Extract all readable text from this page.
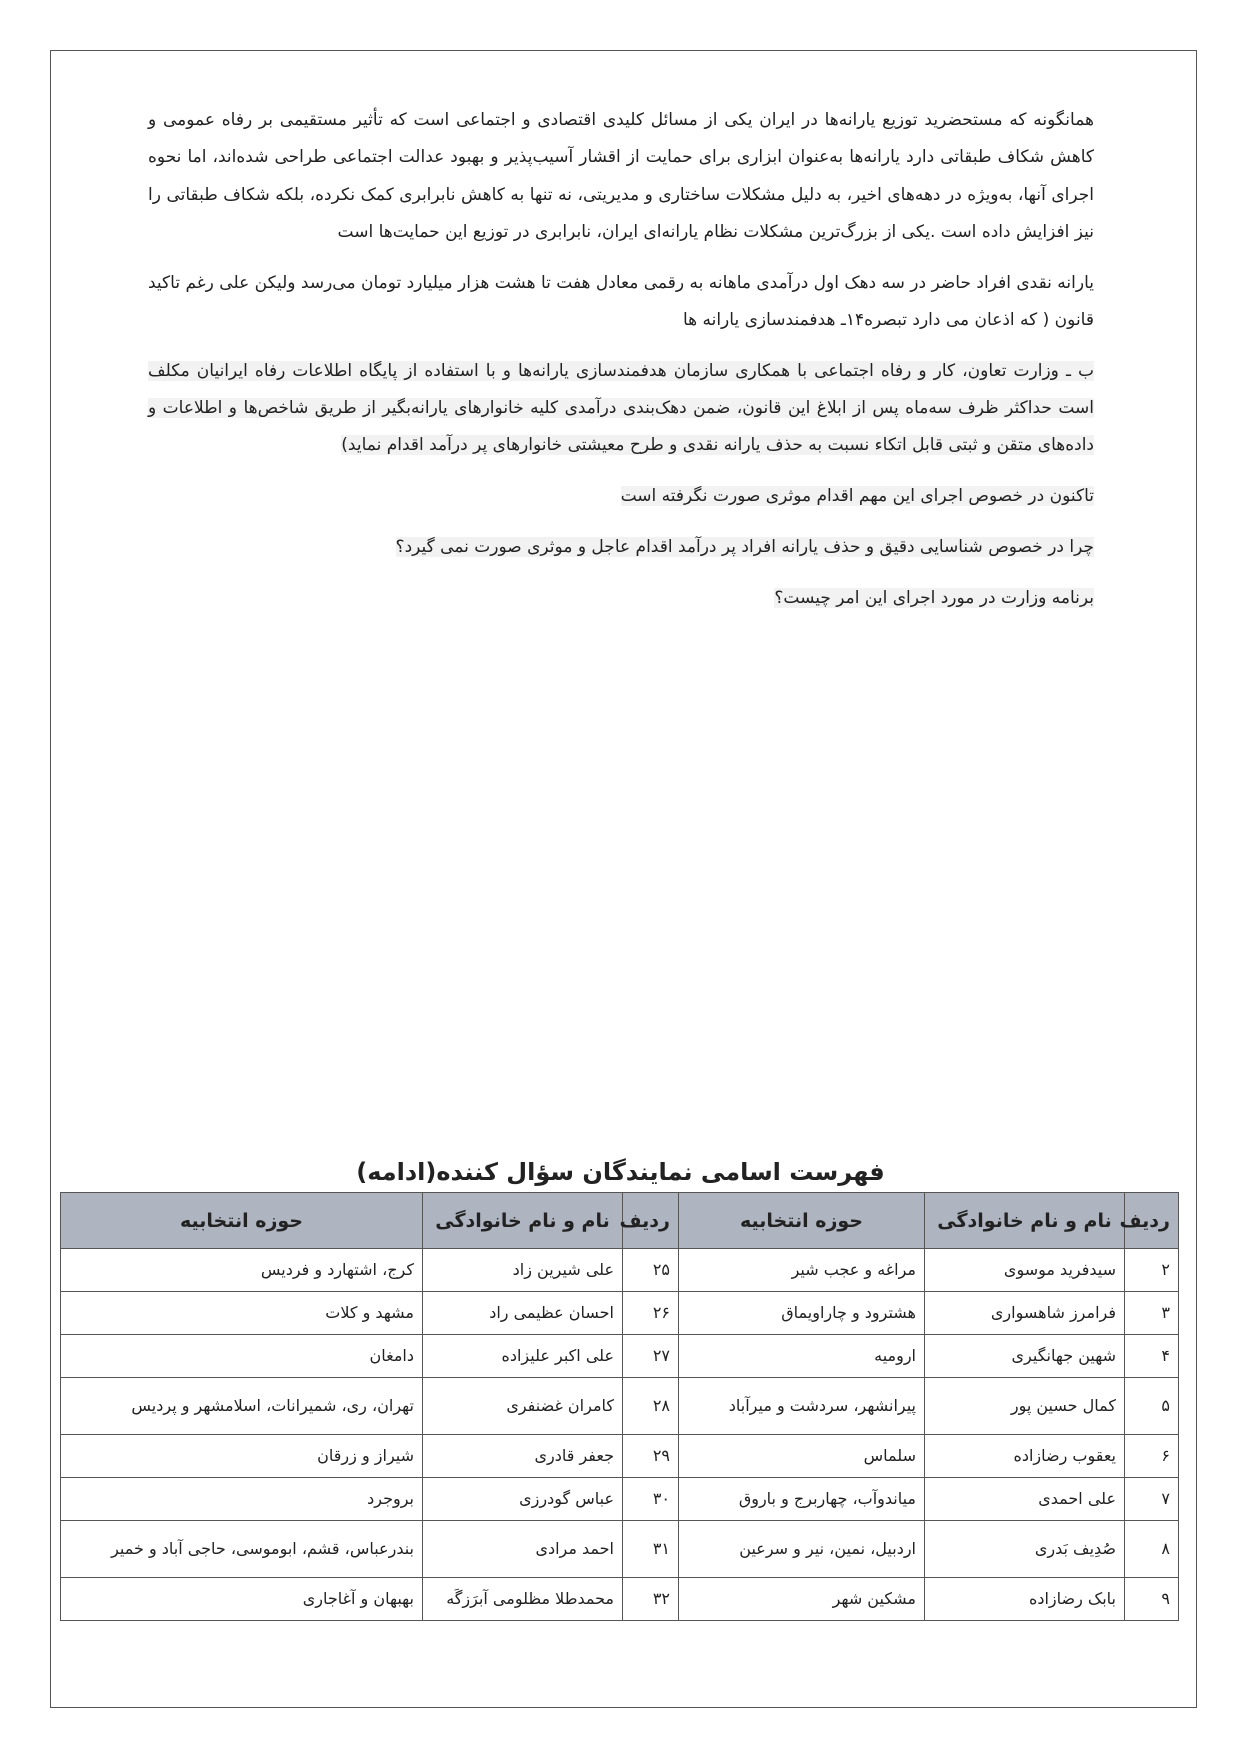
همانگونه که مستحضرید توزیع یارانه‌ها در ایران یکی از مسائل کلیدی اقتصادی و اجتماعی است که تأثیر مستقیمی بر رفاه عمومی و کاهش شکاف طبقاتی دارد یارانه‌ها به‌عنوان ابزاری برای حمایت از اقشار آسیب‌پذیر و بهبود عدالت اجتماعی طراحی شده‌اند، اما نحوه اجرای آنها، به‌ویژه در دهه‌های اخیر، به دلیل مشکلات ساختاری و مدیریتی، نه تنها به کاهش نابرابری کمک نکرده، بلکه شکاف طبقاتی را نیز افزایش داده است .یکی از بزرگ‌ترین مشکلات نظام یارانه‌ای ایران، نابرابری در توزیع این حمایت‌ها است

یارانه نقدی افراد حاضر در سه دهک اول درآمدی ماهانه به رقمی معادل هفت تا هشت هزار میلیارد تومان می‌رسد ولیکن علی رغم تاکید قانون ( که اذعان می دارد تبصره۱۴ـ هدفمندسازی یارانه ها

ب ـ وزارت تعاون، کار و رفاه اجتماعی با همکاری سازمان هدفمندسازی یارانه‌ها و با استفاده از پایگاه اطلاعات رفاه ایرانیان مکلف است حداکثر ظرف سه‌ماه پس از ابلاغ این قانون، ضمن دهک‌بندی درآمدی کلیه خانوارهای یارانه‌بگیر از طریق شاخص‌ها و اطلاعات و داده‌های متقن و ثبتی قابل اتکاء نسبت به حذف یارانه نقدی و طرح معیشتی خانوارهای پر درآمد اقدام نماید)

تاکنون در خصوص اجرای این مهم اقدام موثری صورت نگرفته است

چرا در خصوص شناسایی دقیق و حذف یارانه افراد پر درآمد اقدام عاجل و موثری صورت نمی گیرد؟

برنامه وزارت در مورد اجرای این امر چیست؟

فهرست اسامی نمایندگان سؤال کننده(ادامه)
ردیف	نام و نام خانوادگی	حوزه انتخابیه	ردیف	نام و نام خانوادگی	حوزه انتخابیه
۲	سیدفرید موسوی	مراغه و عجب شیر	۲۵	علی شیرین زاد	کرج، اشتهارد و فردیس
۳	فرامرز شاهسواری	هشترود و چاراویماق	۲۶	احسان عظیمی راد	مشهد و کلات
۴	شهین جهانگیری	ارومیه	۲۷	علی اکبر علیزاده	دامغان
۵	کمال حسین پور	پیرانشهر، سردشت و میرآباد	۲۸	کامران غضنفری	تهران، ری، شمیرانات، اسلامشهر و پردیس
۶	یعقوب رضازاده	سلماس	۲۹	جعفر قادری	شیراز و زرقان
۷	علی احمدی	میاندوآب، چهاربرج و باروق	۳۰	عباس گودرزی	بروجرد
۸	صُدِیف بَدری	اردبیل، نمین، نیر و سرعین	۳۱	احمد مرادی	بندرعباس، قشم، ابوموسی، حاجی آباد و خمیر
۹	بابک رضازاده	مشکین شهر	۳۲	محمدطلا مظلومی آبرَزگَه	بهبهان و آغاجاری
